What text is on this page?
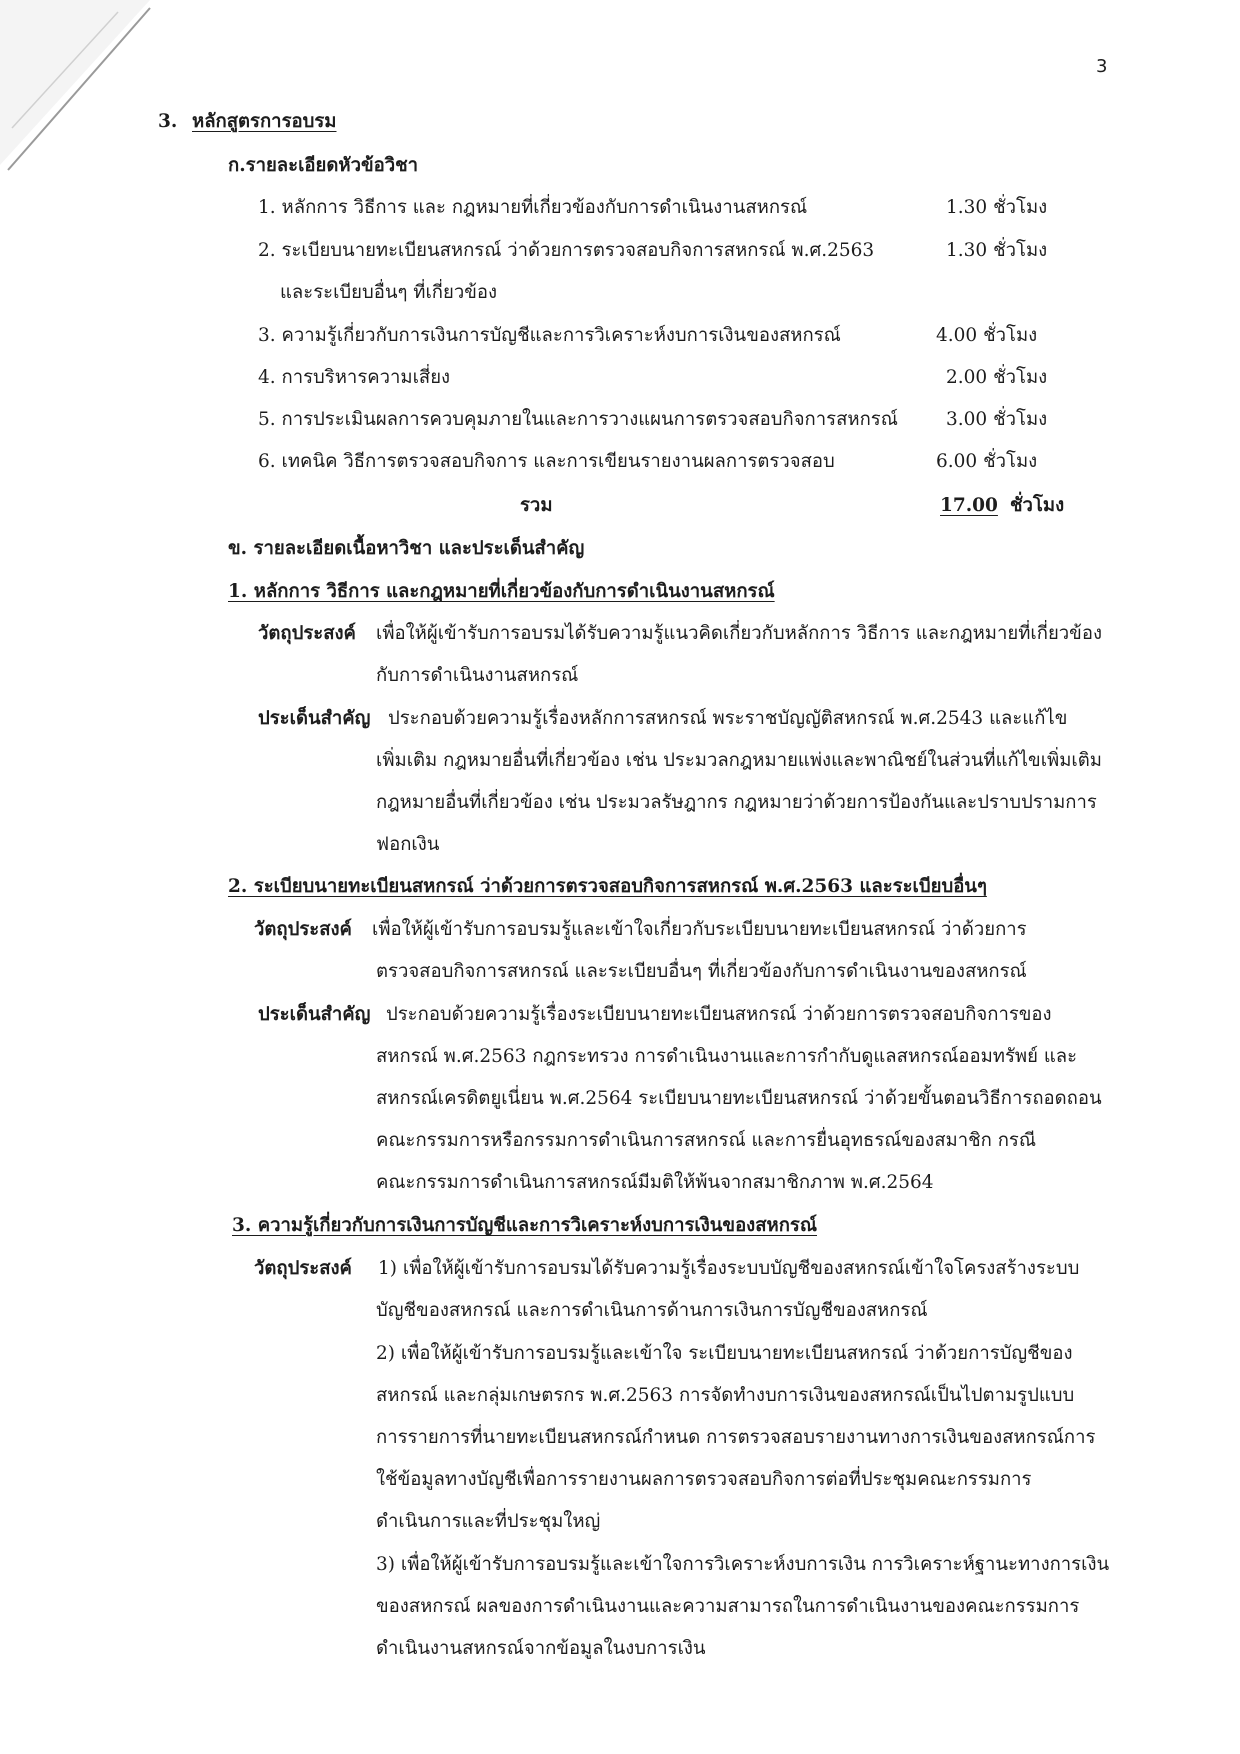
3
3. หลักสูตรการอบรม
ก.รายละเอียดหัวข้อวิชา
1. หลักการ วิธีการ และ กฎหมายที่เกี่ยวข้องกับการดำเนินงานสหกรณ์	1.30 ชั่วโมง
2. ระเบียบนายทะเบียนสหกรณ์ ว่าด้วยการตรวจสอบกิจการสหกรณ์ พ.ศ.2563	1.30 ชั่วโมง
และระเบียบอื่นๆ ที่เกี่ยวข้อง
3. ความรู้เกี่ยวกับการเงินการบัญชีและการวิเคราะห์งบการเงินของสหกรณ์	4.00 ชั่วโมง
4. การบริหารความเสี่ยง	2.00 ชั่วโมง
5. การประเมินผลการควบคุมภายในและการวางแผนการตรวจสอบกิจการสหกรณ์	3.00 ชั่วโมง
6. เทคนิค วิธีการตรวจสอบกิจการ และการเขียนรายงานผลการตรวจสอบ	6.00 ชั่วโมง
รวม	17.00 ชั่วโมง
ข. รายละเอียดเนื้อหาวิชา และประเด็นสำคัญ
1. หลักการ วิธีการ และกฎหมายที่เกี่ยวข้องกับการดำเนินงานสหกรณ์
วัตถุประสงค์ เพื่อให้ผู้เข้ารับการอบรมได้รับความรู้แนวคิดเกี่ยวกับหลักการ วิธีการ และกฎหมายที่เกี่ยวข้อง
กับการดำเนินงานสหกรณ์
ประเด็นสำคัญ ประกอบด้วยความรู้เรื่องหลักการสหกรณ์ พระราชบัญญัติสหกรณ์ พ.ศ.2543 และแก้ไข
เพิ่มเติม กฎหมายอื่นที่เกี่ยวข้อง เช่น ประมวลกฎหมายแพ่งและพาณิชย์ในส่วนที่แก้ไขเพิ่มเติม
กฎหมายอื่นที่เกี่ยวข้อง เช่น ประมวลรัษฎากร กฎหมายว่าด้วยการป้องกันและปราบปรามการ
ฟอกเงิน
2. ระเบียบนายทะเบียนสหกรณ์ ว่าด้วยการตรวจสอบกิจการสหกรณ์ พ.ศ.2563 และระเบียบอื่นๆ
วัตถุประสงค์ เพื่อให้ผู้เข้ารับการอบรมรู้และเข้าใจเกี่ยวกับระเบียบนายทะเบียนสหกรณ์ ว่าด้วยการ
ตรวจสอบกิจการสหกรณ์ และระเบียบอื่นๆ ที่เกี่ยวข้องกับการดำเนินงานของสหกรณ์
ประเด็นสำคัญ ประกอบด้วยความรู้เรื่องระเบียบนายทะเบียนสหกรณ์ ว่าด้วยการตรวจสอบกิจการของ
สหกรณ์ พ.ศ.2563 กฎกระทรวง การดำเนินงานและการกำกับดูแลสหกรณ์ออมทรัพย์ และ
สหกรณ์เครดิตยูเนี่ยน พ.ศ.2564 ระเบียบนายทะเบียนสหกรณ์ ว่าด้วยขั้นตอนวิธีการถอดถอน
คณะกรรมการหรือกรรมการดำเนินการสหกรณ์ และการยื่นอุทธรณ์ของสมาชิก กรณี
คณะกรรมการดำเนินการสหกรณ์มีมติให้พ้นจากสมาชิกภาพ พ.ศ.2564
3. ความรู้เกี่ยวกับการเงินการบัญชีและการวิเคราะห์งบการเงินของสหกรณ์
วัตถุประสงค์ 1) เพื่อให้ผู้เข้ารับการอบรมได้รับความรู้เรื่องระบบบัญชีของสหกรณ์เข้าใจโครงสร้างระบบ
บัญชีของสหกรณ์ และการดำเนินการด้านการเงินการบัญชีของสหกรณ์
2) เพื่อให้ผู้เข้ารับการอบรมรู้และเข้าใจ ระเบียบนายทะเบียนสหกรณ์ ว่าด้วยการบัญชีของ
สหกรณ์ และกลุ่มเกษตรกร พ.ศ.2563 การจัดทำงบการเงินของสหกรณ์เป็นไปตามรูปแบบ
การรายการที่นายทะเบียนสหกรณ์กำหนด การตรวจสอบรายงานทางการเงินของสหกรณ์การ
ใช้ข้อมูลทางบัญชีเพื่อการรายงานผลการตรวจสอบกิจการต่อที่ประชุมคณะกรรมการ
ดำเนินการและที่ประชุมใหญ่
3) เพื่อให้ผู้เข้ารับการอบรมรู้และเข้าใจการวิเคราะห์งบการเงิน การวิเคราะห์ฐานะทางการเงิน
ของสหกรณ์ ผลของการดำเนินงานและความสามารถในการดำเนินงานของคณะกรรมการ
ดำเนินงานสหกรณ์จากข้อมูลในงบการเงิน
